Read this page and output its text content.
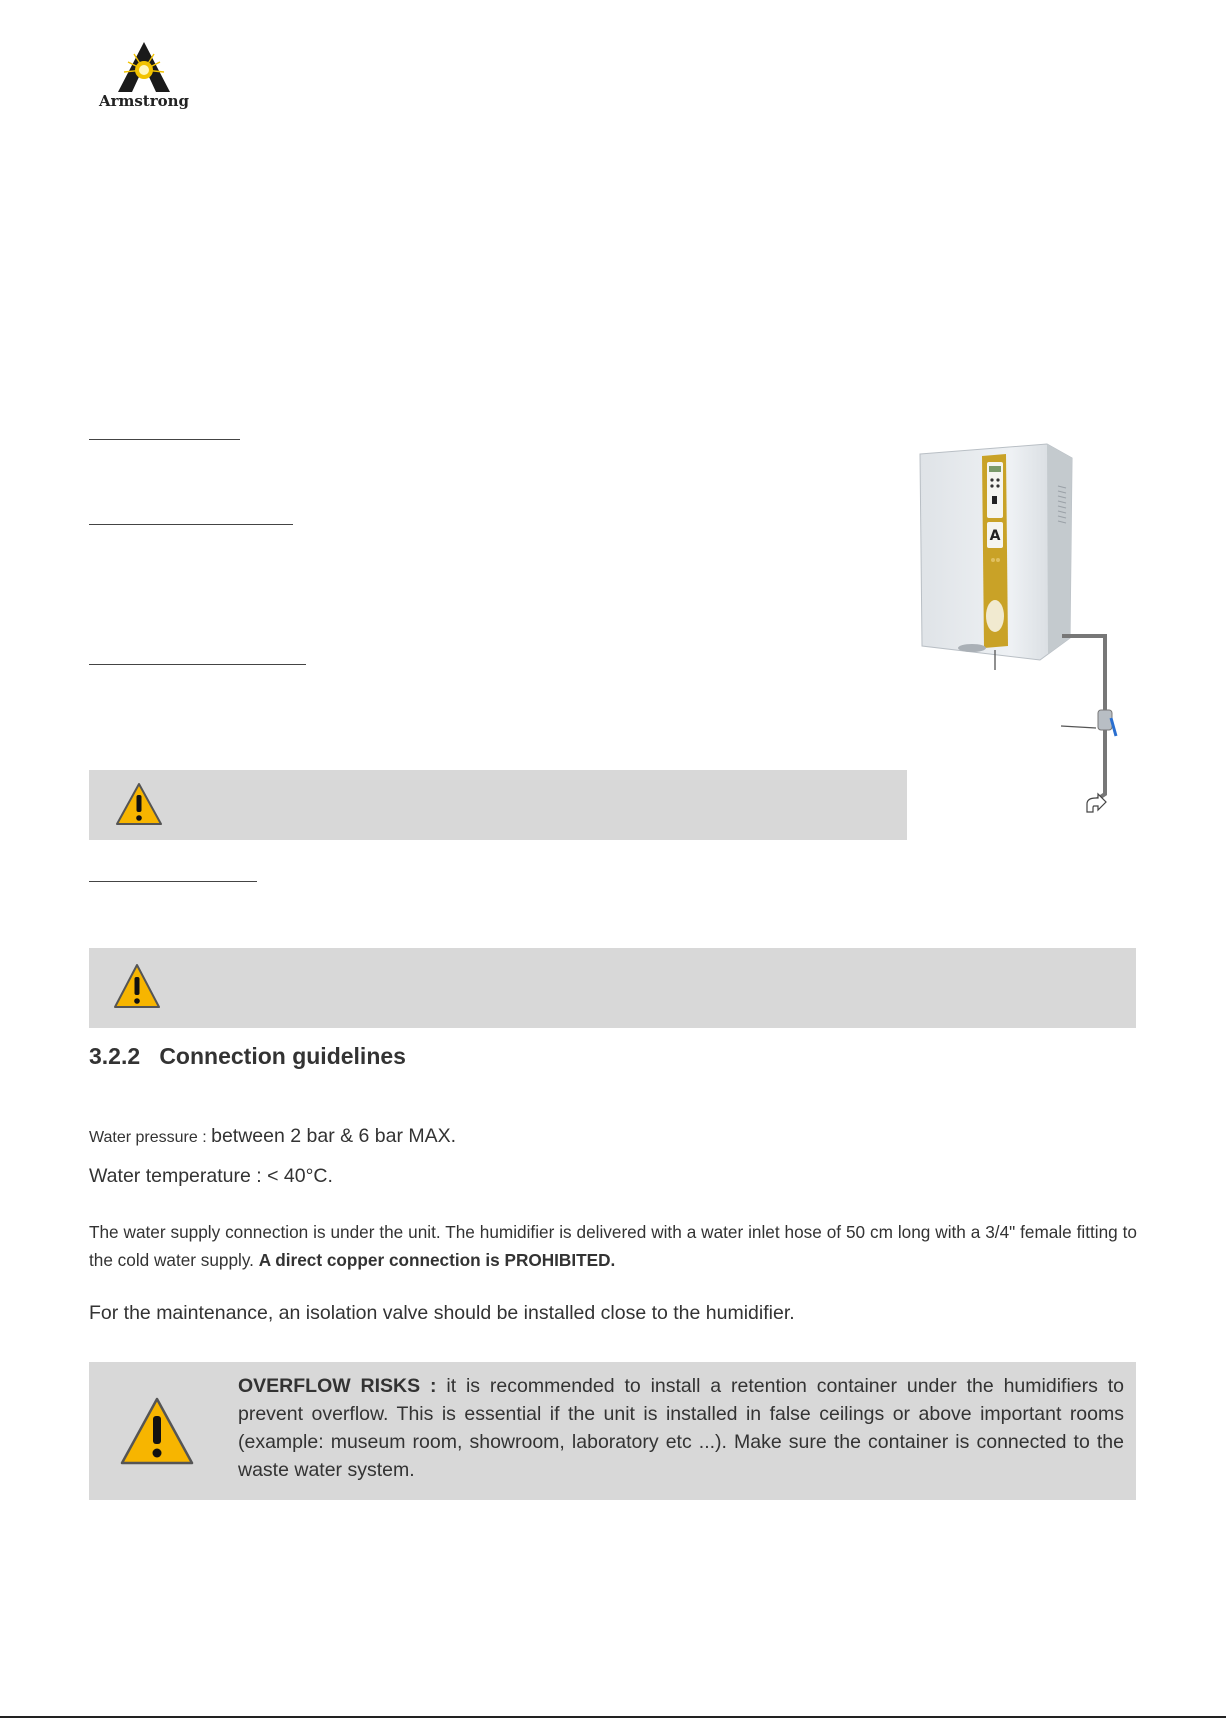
Armstrong
A
3.2.2   Connection guidelines
Water pressure : between 2 bar & 6 bar MAX.
Water temperature : < 40°C.
The water supply connection is under the unit. The humidifier is delivered with a water inlet hose of 50 cm long with a 3/4" female fitting to the cold water supply. A direct copper connection is PROHIBITED.
For the maintenance, an isolation valve should be installed close to the humidifier.
OVERFLOW RISKS : it is recommended to install a retention container under the humidifiers to prevent overflow. This is essential if the unit is installed in false ceilings or above important rooms (example: museum room, showroom, laboratory etc ...). Make sure the container is connected to the waste water system.
